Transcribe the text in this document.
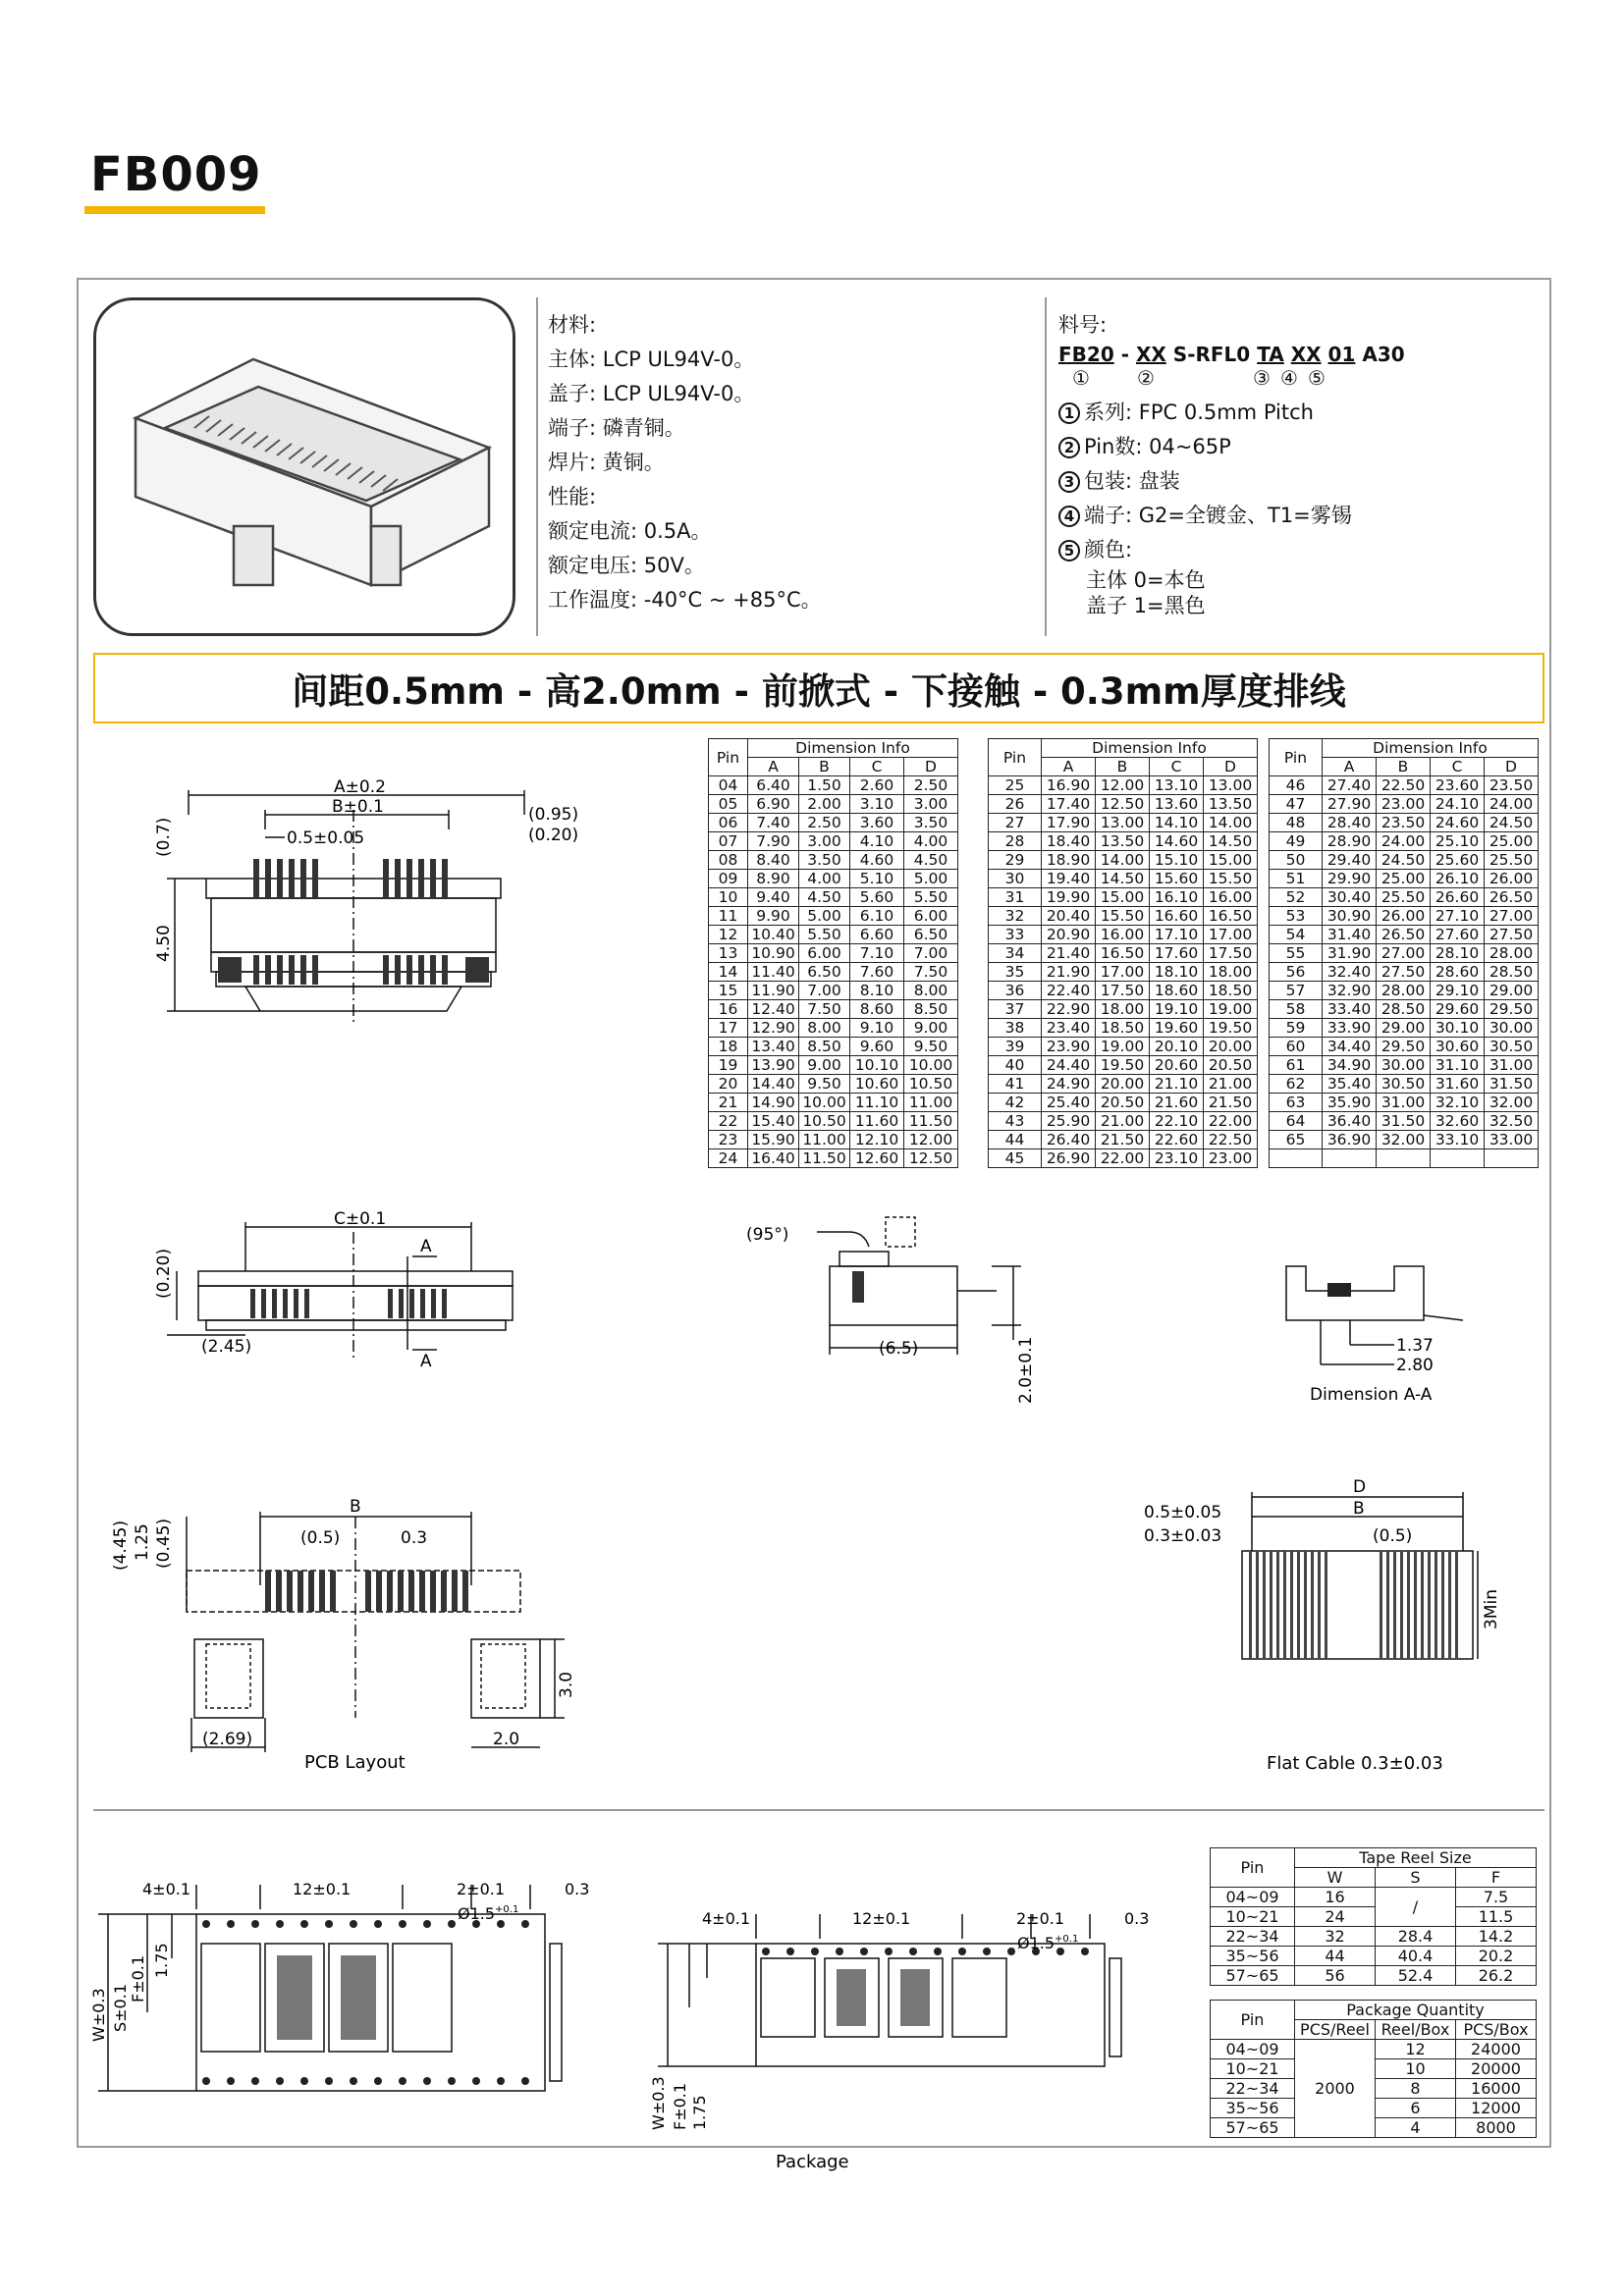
FB009
材料:
主体: LCP UL94V-0。
盖子: LCP UL94V-0。
端子: 磷青铜。
焊片: 黄铜。
性能:
额定电流: 0.5A。
额定电压: 50V。
工作温度: -40°C ~ +85°C。
料号:
FB20 - XX S-RFL0 TA XX 01 A30
① ②	③ ④ ⑤
1 系列: FPC 0.5mm Pitch
2 Pin数: 04~65P
3 包装: 盘装
4 端子: G2=全镀金、T1=雾锡
5 颜色:
主体 0=本色
盖子 1=黑色
间距0.5mm - 高2.0mm - 前掀式 - 下接触 - 0.3mm厚度排线
Pin	Dimension Info			
	A	B	C	D
04	6.40	1.50	2.60	2.50
05	6.90	2.00	3.10	3.00
06	7.40	2.50	3.60	3.50
07	7.90	3.00	4.10	4.00
08	8.40	3.50	4.60	4.50
09	8.90	4.00	5.10	5.00
10	9.40	4.50	5.60	5.50
11	9.90	5.00	6.10	6.00
12	10.40	5.50	6.60	6.50
13	10.90	6.00	7.10	7.00
14	11.40	6.50	7.60	7.50
15	11.90	7.00	8.10	8.00
16	12.40	7.50	8.60	8.50
17	12.90	8.00	9.10	9.00
18	13.40	8.50	9.60	9.50
19	13.90	9.00	10.10	10.00
20	14.40	9.50	10.60	10.50
21	14.90	10.00	11.10	11.00
22	15.40	10.50	11.60	11.50
23	15.90	11.00	12.10	12.00
24	16.40	11.50	12.60	12.50
Pin	Dimension Info			
	A	B	C	D
25	16.90	12.00	13.10	13.00
26	17.40	12.50	13.60	13.50
27	17.90	13.00	14.10	14.00
28	18.40	13.50	14.60	14.50
29	18.90	14.00	15.10	15.00
30	19.40	14.50	15.60	15.50
31	19.90	15.00	16.10	16.00
32	20.40	15.50	16.60	16.50
33	20.90	16.00	17.10	17.00
34	21.40	16.50	17.60	17.50
35	21.90	17.00	18.10	18.00
36	22.40	17.50	18.60	18.50
37	22.90	18.00	19.10	19.00
38	23.40	18.50	19.60	19.50
39	23.90	19.00	20.10	20.00
40	24.40	19.50	20.60	20.50
41	24.90	20.00	21.10	21.00
42	25.40	20.50	21.60	21.50
43	25.90	21.00	22.10	22.00
44	26.40	21.50	22.60	22.50
45	26.90	22.00	23.10	23.00
Pin	Dimension Info			
	A	B	C	D
46	27.40	22.50	23.60	23.50
47	27.90	23.00	24.10	24.00
48	28.40	23.50	24.60	24.50
49	28.90	24.00	25.10	25.00
50	29.40	24.50	25.60	25.50
51	29.90	25.00	26.10	26.00
52	30.40	25.50	26.60	26.50
53	30.90	26.00	27.10	27.00
54	31.40	26.50	27.60	27.50
55	31.90	27.00	28.10	28.00
56	32.40	27.50	28.60	28.50
57	32.90	28.00	29.10	29.00
58	33.40	28.50	29.60	29.50
59	33.90	29.00	30.10	30.00
60	34.40	29.50	30.60	30.50
61	34.90	30.00	31.10	31.00
62	35.40	30.50	31.60	31.50
63	35.90	31.00	32.10	32.00
64	36.40	31.50	32.60	32.50
65	36.90	32.00	33.10	33.00

A±0.2
B±0.1
0.5±0.05
(0.95)
(0.20)
(0.7)
4.50
C±0.1
A
A
(0.20)
(2.45)
(95°)
(6.5)	2.0±0.1	1.37
2.80
Dimension A-A
B
(0.5)	0.3
(4.45) 1.25 (0.45)
3.0
(2.69)	2.0
PCB Layout
D
B
0.5±0.05
0.3±0.03	(0.5)
3Min
Flat Cable 0.3±0.03
4±0.1	12±0.1	2±0.1	0.3
$Ø1.5^{+0.1}$
W±0.3 S±0.1
F±0.1 1.75
4±0.1	12±0.1	2±0.1	0.3
$Ø1.5^{+0.1}$
W±0.3 F±0.1 1.75
Package
Pin	Tape Reel Size		
	W	S	F
04~09	16	/	7.5
10~21	24		11.5
22~34	32	28.4	14.2
35~56	44	40.4	20.2
57~65	56	52.4	26.2
Pin	Package Quantity		
	PCS/Reel	Reel/Box	PCS/Box
04~09	2000	12	24000
10~21		10	20000
22~34		8	16000
35~56		6	12000
57~65		4	8000
